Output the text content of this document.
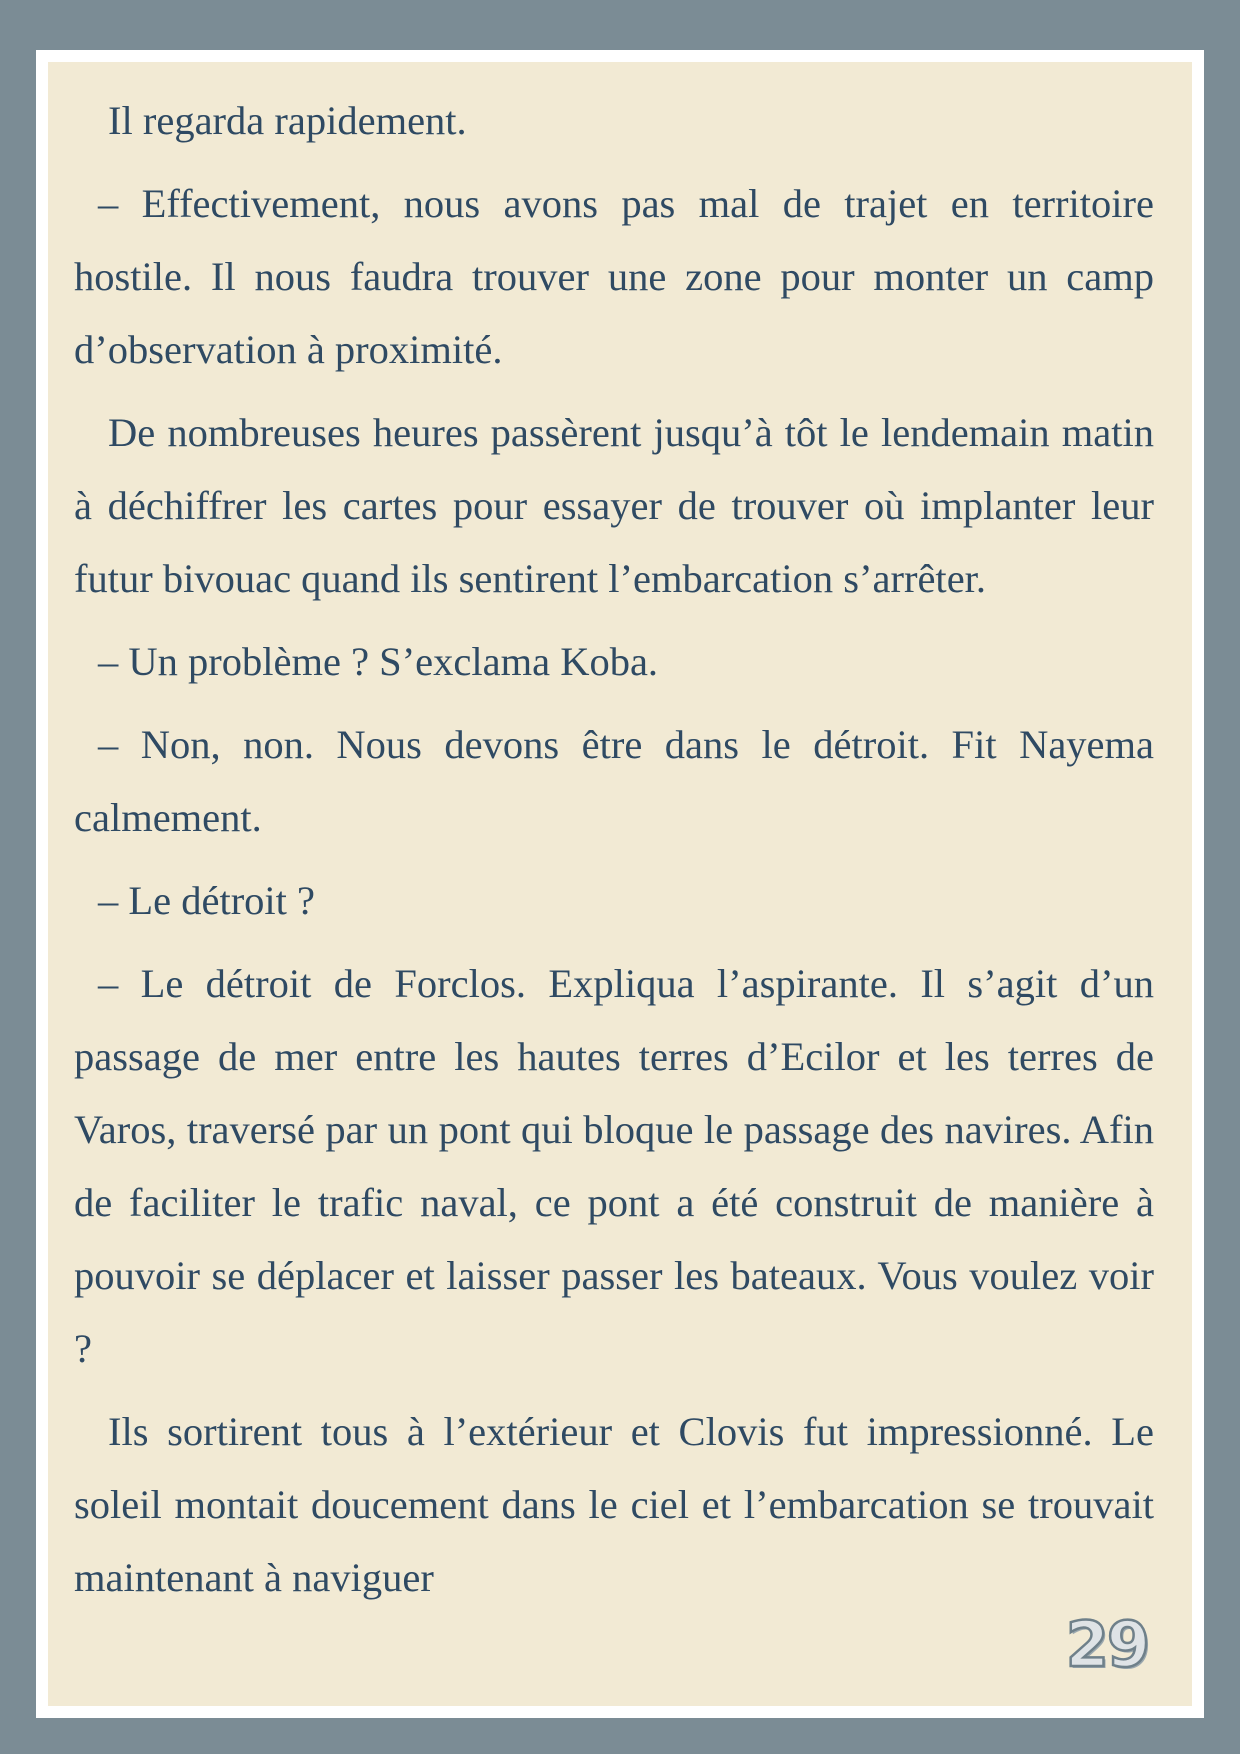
Il regarda rapidement.

– Effectivement, nous avons pas mal de trajet en territoire hostile. Il nous faudra trouver une zone pour monter un camp d’observation à proximité.

De nombreuses heures passèrent jusqu’à tôt le lendemain matin à déchiffrer les cartes pour essayer de trouver où implanter leur futur bivouac quand ils sentirent l’embarcation s’arrêter.

– Un problème ? S’exclama Koba.

– Non, non. Nous devons être dans le détroit. Fit Nayema calmement.

– Le détroit ?

– Le détroit de Forclos. Expliqua l’aspirante. Il s’agit d’un passage de mer entre les hautes terres d’Ecilor et les terres de Varos, traversé par un pont qui bloque le passage des navires. Afin de faciliter le trafic naval, ce pont a été construit de manière à pouvoir se déplacer et laisser passer les bateaux. Vous voulez voir ?

Ils sortirent tous à l’extérieur et Clovis fut impressionné. Le soleil montait doucement dans le ciel et l’embarcation se trouvait maintenant à naviguer

29
